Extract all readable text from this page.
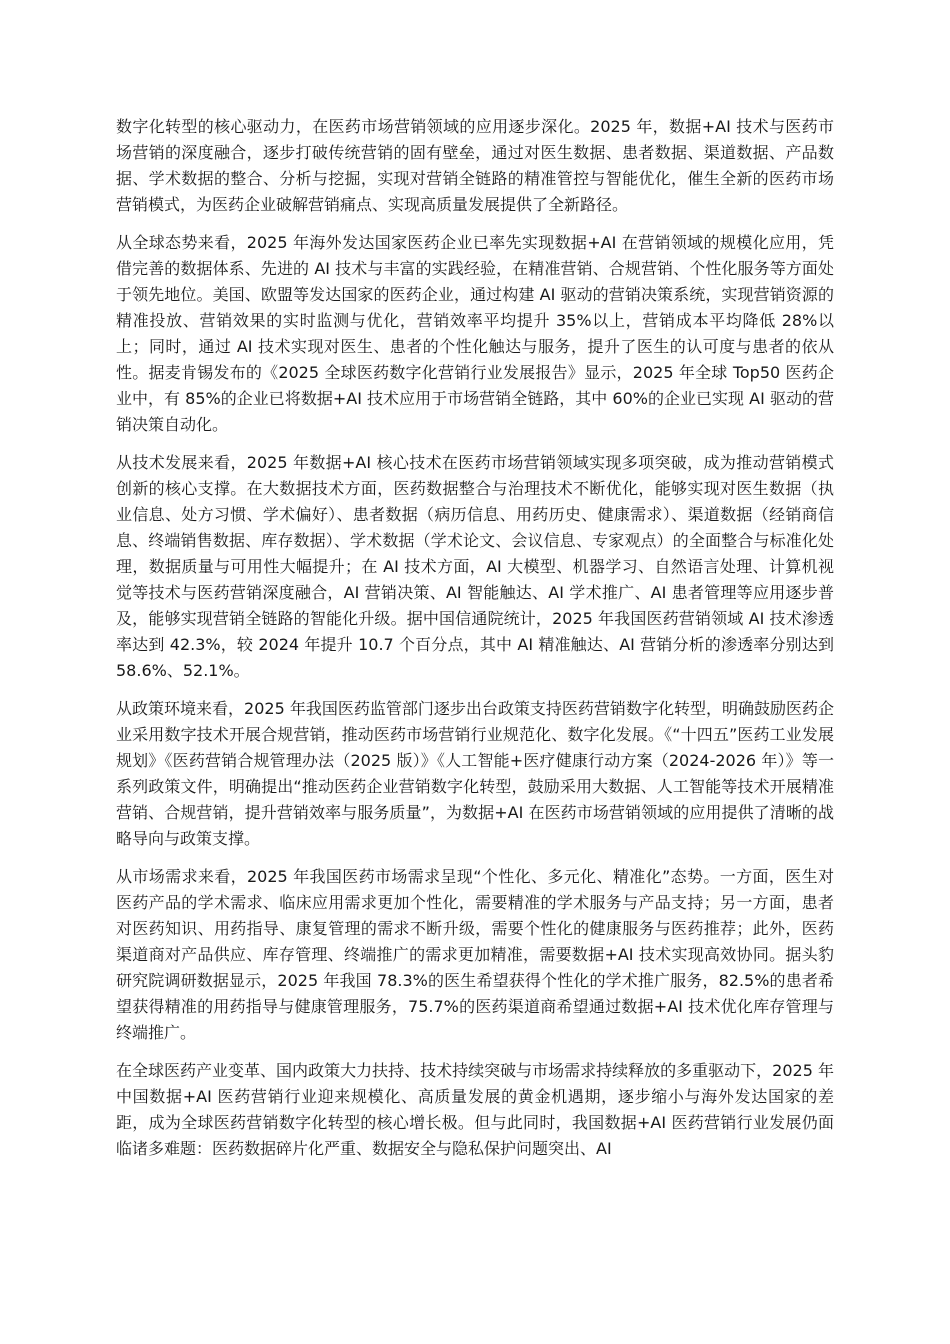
数字化转型的核心驱动力，在医药市场营销领域的应用逐步深化。2025 年，数据+AI 技术与医药市场营销的深度融合，逐步打破传统营销的固有壁垒，通过对医生数据、患者数据、渠道数据、产品数据、学术数据的整合、分析与挖掘，实现对营销全链路的精准管控与智能优化，催生全新的医药市场营销模式，为医药企业破解营销痛点、实现高质量发展提供了全新路径。

从全球态势来看，2025 年海外发达国家医药企业已率先实现数据+AI 在营销领域的规模化应用，凭借完善的数据体系、先进的 AI 技术与丰富的实践经验，在精准营销、合规营销、个性化服务等方面处于领先地位。美国、欧盟等发达国家的医药企业，通过构建 AI 驱动的营销决策系统，实现营销资源的精准投放、营销效果的实时监测与优化，营销效率平均提升 35%以上，营销成本平均降低 28%以上；同时，通过 AI 技术实现对医生、患者的个性化触达与服务，提升了医生的认可度与患者的依从性。据麦肯锡发布的《2025 全球医药数字化营销行业发展报告》显示，2025 年全球 Top50 医药企业中，有 85%的企业已将数据+AI 技术应用于市场营销全链路，其中 60%的企业已实现 AI 驱动的营销决策自动化。

从技术发展来看，2025 年数据+AI 核心技术在医药市场营销领域实现多项突破，成为推动营销模式创新的核心支撑。在大数据技术方面，医药数据整合与治理技术不断优化，能够实现对医生数据（执业信息、处方习惯、学术偏好）、患者数据（病历信息、用药历史、健康需求）、渠道数据（经销商信息、终端销售数据、库存数据）、学术数据（学术论文、会议信息、专家观点）的全面整合与标准化处理，数据质量与可用性大幅提升；在 AI 技术方面，AI 大模型、机器学习、自然语言处理、计算机视觉等技术与医药营销深度融合，AI 营销决策、AI 智能触达、AI 学术推广、AI 患者管理等应用逐步普及，能够实现营销全链路的智能化升级。据中国信通院统计，2025 年我国医药营销领域 AI 技术渗透率达到 42.3%，较 2024 年提升 10.7 个百分点，其中 AI 精准触达、AI 营销分析的渗透率分别达到 58.6%、52.1%。

从政策环境来看，2025 年我国医药监管部门逐步出台政策支持医药营销数字化转型，明确鼓励医药企业采用数字技术开展合规营销，推动医药市场营销行业规范化、数字化发展。《“十四五”医药工业发展规划》《医药营销合规管理办法（2025 版）》《人工智能+医疗健康行动方案（2024-2026 年）》等一系列政策文件，明确提出“推动医药企业营销数字化转型，鼓励采用大数据、人工智能等技术开展精准营销、合规营销，提升营销效率与服务质量”，为数据+AI 在医药市场营销领域的应用提供了清晰的战略导向与政策支撑。

从市场需求来看，2025 年我国医药市场需求呈现“个性化、多元化、精准化”态势。一方面，医生对医药产品的学术需求、临床应用需求更加个性化，需要精准的学术服务与产品支持；另一方面，患者对医药知识、用药指导、康复管理的需求不断升级，需要个性化的健康服务与医药推荐；此外，医药渠道商对产品供应、库存管理、终端推广的需求更加精准，需要数据+AI 技术实现高效协同。据头豹研究院调研数据显示，2025 年我国 78.3%的医生希望获得个性化的学术推广服务，82.5%的患者希望获得精准的用药指导与健康管理服务，75.7%的医药渠道商希望通过数据+AI 技术优化库存管理与终端推广。

在全球医药产业变革、国内政策大力扶持、技术持续突破与市场需求持续释放的多重驱动下，2025 年中国数据+AI 医药营销行业迎来规模化、高质量发展的黄金机遇期，逐步缩小与海外发达国家的差距，成为全球医药营销数字化转型的核心增长极。但与此同时，我国数据+AI 医药营销行业发展仍面临诸多难题：医药数据碎片化严重、数据安全与隐私保护问题突出、AI
